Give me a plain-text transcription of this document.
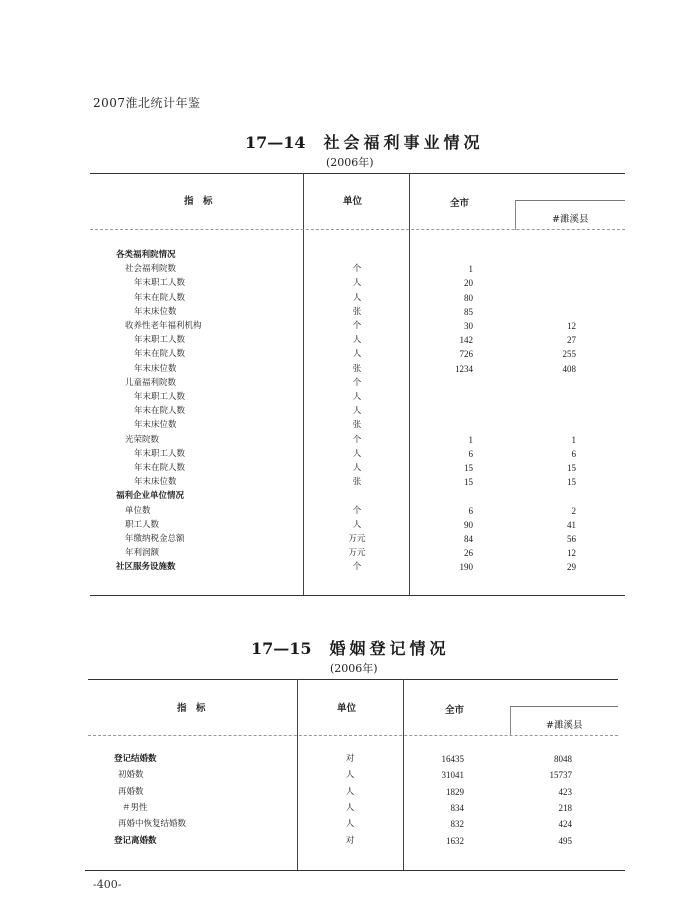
2007淮北统计年鉴
17—14 社会福利事业情况
(2006年)
指　标	单位	全市
#濉溪县
各类福利院情况
社会福利院数	个	1
年末职工人数	人	20
年末在院人数	人	80
年末床位数	张	85
收养性老年福利机构	个	30	12
年末职工人数	人	142	27
年末在院人数	人	726	255
年末床位数	张	1234	408
儿童福利院数	个
年末职工人数	人
年末在院人数	人
年末床位数	张
光荣院数	个	1	1
年末职工人数	人	6	6
年末在院人数	人	15	15
年末床位数	张	15	15
福利企业单位情况
单位数	个	6	2
职工人数	人	90	41
年缴纳税金总额	万元	84	56
年利润额	万元	26	12
社区服务设施数	个	190	29
17—15 婚姻登记情况
(2006年)
指　标	单位	全市
#濉溪县
登记结婚数	对	16435	8048
初婚数	人	31041	15737
再婚数	人	1829	423
＃男性	人	834	218
再婚中恢复结婚数	人	832	424
登记离婚数	对	1632	495
-400-
